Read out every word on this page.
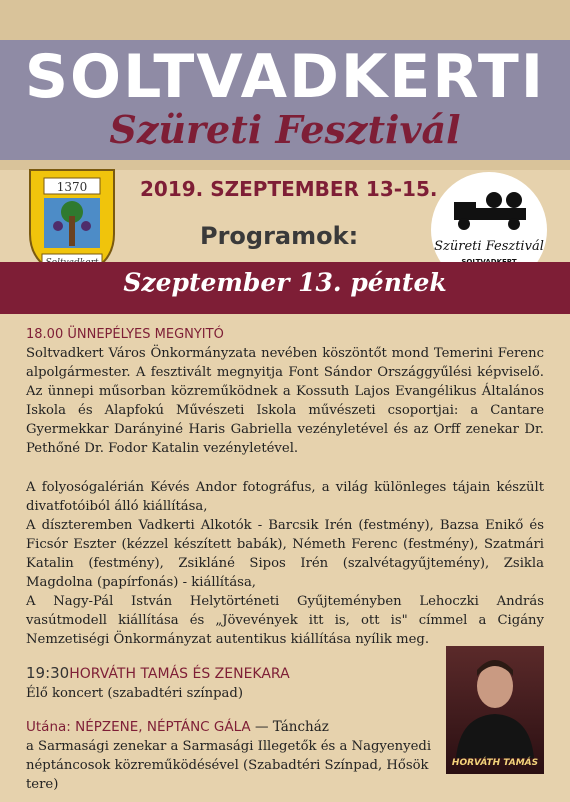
SOLTVADKERTI
Szüreti Fesztivál
1370	2019. SZEPTEMBER 13-15.
Programok:	Szüreti Fesztivál
Szeptember 13. péntek
18.00 ÜNNEPÉLYES MEGNYITÓ

Soltvadkert Város Önkormányzata nevében köszöntőt mond Temerini Ferenc alpolgármester. A fesztivált megnyitja Font Sándor Országgyűlési képviselő. Az ünnepi műsorban közreműködnek a Kossuth Lajos Evangélikus Általános Iskola és Alapfokú Művészeti Iskola művészeti csoportjai: a Cantare Gyermekkar Darányiné Haris Gabriella vezényletével és az Orff zenekar Dr. Pethőné Dr. Fodor Katalin vezényletével.

A folyosógalérián Kévés Andor fotográfus, a világ különleges tájain készült divatfotóiból álló kiállítása,

A díszteremben Vadkerti Alkotók - Barcsik Irén (festmény), Bazsa Enikő és Ficsór Eszter (kézzel készített babák), Németh Ferenc (festmény), Szatmári Katalin (festmény), Zsikláné Sipos Irén (szalvétagyűjtemény), Zsikla Magdolna (papírfonás) - kiállítása,

A Nagy-Pál István Helytörténeti Gyűjteményben Lehoczki András vasútmodell kiállítása és „Jövevények itt is, ott is" címmel a Cigány Nemzetiségi Önkormányzat autentikus kiállítása nyílik meg.

19:30HORVÁTH TAMÁS ÉS ZENEKARA
Élő koncert (szabadtéri színpad)
Utána: NÉPZENE, NÉPTÁNC GÁLA — Táncház
a Sarmasági zenekar a Sarmasági Illegetők és a Nagyenyedi néptáncosok közreműködésével (Szabadtéri Színpad, Hősök tere)
HORVÁTH TAMÁS
